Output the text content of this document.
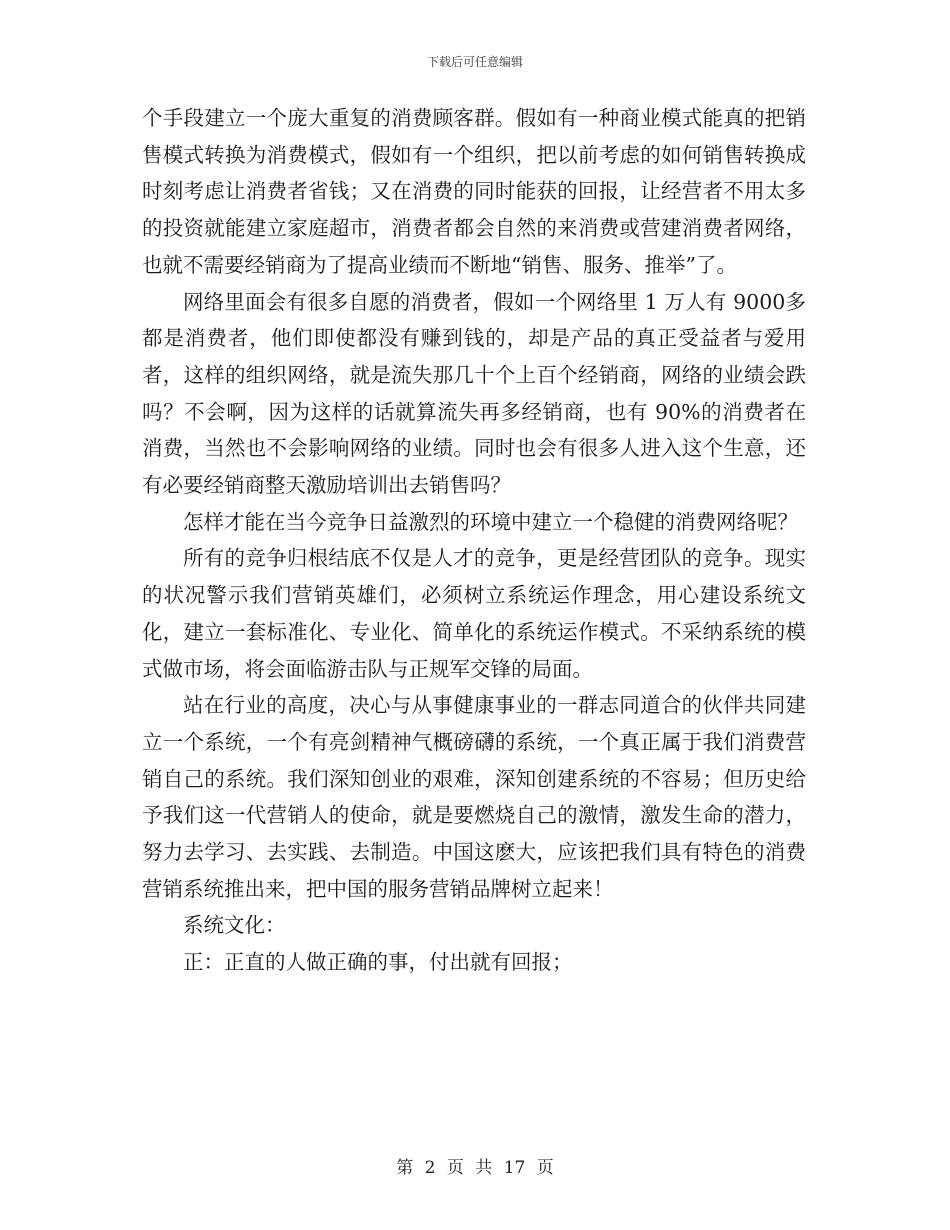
下载后可任意编辑

个手段建立一个庞大重复的消费顾客群。假如有一种商业模式能真的把销售模式转换为消费模式，假如有一个组织，把以前考虑的如何销售转换成时刻考虑让消费者省钱；又在消费的同时能获的回报，让经营者不用太多的投资就能建立家庭超市，消费者都会自然的来消费或营建消费者网络，也就不需要经销商为了提高业绩而不断地“销售、服务、推举”了。

网络里面会有很多自愿的消费者，假如一个网络里 1 万人有 9000多都是消费者，他们即使都没有赚到钱的，却是产品的真正受益者与爱用者，这样的组织网络，就是流失那几十个上百个经销商，网络的业绩会跌吗？不会啊，因为这样的话就算流失再多经销商，也有 90%的消费者在消费，当然也不会影响网络的业绩。同时也会有很多人进入这个生意，还有必要经销商整天激励培训出去销售吗？

怎样才能在当今竞争日益激烈的环境中建立一个稳健的消费网络呢？

所有的竞争归根结底不仅是人才的竞争，更是经营团队的竞争。现实的状况警示我们营销英雄们，必须树立系统运作理念，用心建设系统文化，建立一套标准化、专业化、简单化的系统运作模式。不采纳系统的模式做市场，将会面临游击队与正规军交锋的局面。

站在行业的高度，决心与从事健康事业的一群志同道合的伙伴共同建立一个系统，一个有亮剑精神气概磅礴的系统，一个真正属于我们消费营销自己的系统。我们深知创业的艰难，深知创建系统的不容易；但历史给予我们这一代营销人的使命，就是要燃烧自己的激情，激发生命的潜力，努力去学习、去实践、去制造。中国这麽大，应该把我们具有特色的消费营销系统推出来，把中国的服务营销品牌树立起来！

系统文化：

正：正直的人做正确的事，付出就有回报；

第 2 页 共 17 页
